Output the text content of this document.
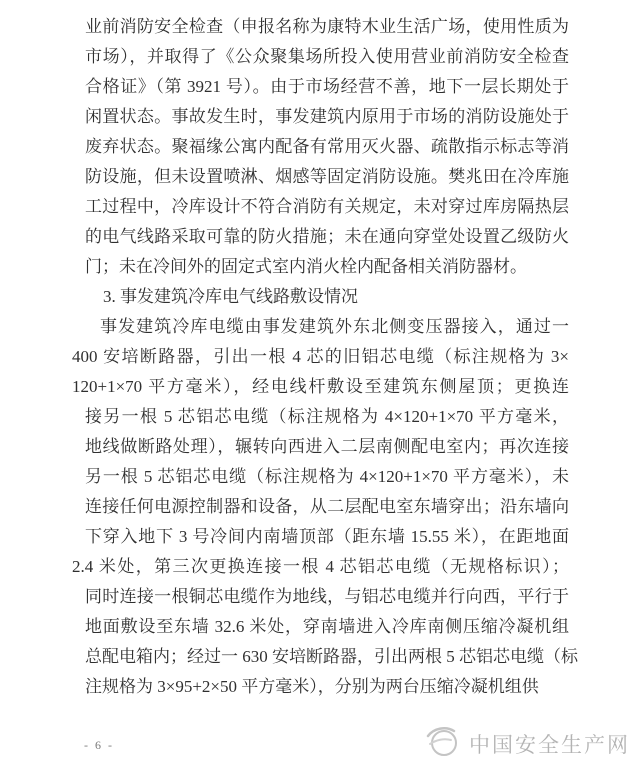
业前消防安全检查（申报名称为康特木业生活广场，使用性质为
市场），并取得了《公众聚集场所投入使用营业前消防安全检查
合格证》（第 3921 号）。由于市场经营不善，地下一层长期处于
闲置状态。事故发生时，事发建筑内原用于市场的消防设施处于
废弃状态。聚福缘公寓内配备有常用灭火器、疏散指示标志等消
防设施，但未设置喷淋、烟感等固定消防设施。樊兆田在冷库施
工过程中，冷库设计不符合消防有关规定，未对穿过库房隔热层
的电气线路采取可靠的防火措施；未在通向穿堂处设置乙级防火
门；未在冷间外的固定式室内消火栓内配备相关消防器材。
3. 事发建筑冷库电气线路敷设情况
事发建筑冷库电缆由事发建筑外东北侧变压器接入，通过一
400 安培断路器，引出一根 4 芯的旧铝芯电缆（标注规格为 3×
120+1×70 平方毫米），经电线杆敷设至建筑东侧屋顶；更换连
接另一根 5 芯铝芯电缆（标注规格为 4×120+1×70 平方毫米，
地线做断路处理），辗转向西进入二层南侧配电室内；再次连接
另一根 5 芯铝芯电缆（标注规格为 4×120+1×70 平方毫米），未
连接任何电源控制器和设备，从二层配电室东墙穿出；沿东墙向
下穿入地下 3 号冷间内南墙顶部（距东墙 15.55 米），在距地面
2.4 米处，第三次更换连接一根 4 芯铝芯电缆（无规格标识）；
同时连接一根铜芯电缆作为地线，与铝芯电缆并行向西，平行于
地面敷设至东墙 32.6 米处，穿南墙进入冷库南侧压缩冷凝机组
总配电箱内；经过一 630 安培断路器，引出两根 5 芯铝芯电缆（标
注规格为 3×95+2×50 平方毫米），分别为两台压缩冷凝机组供
- 6 -	中国安全生产网
